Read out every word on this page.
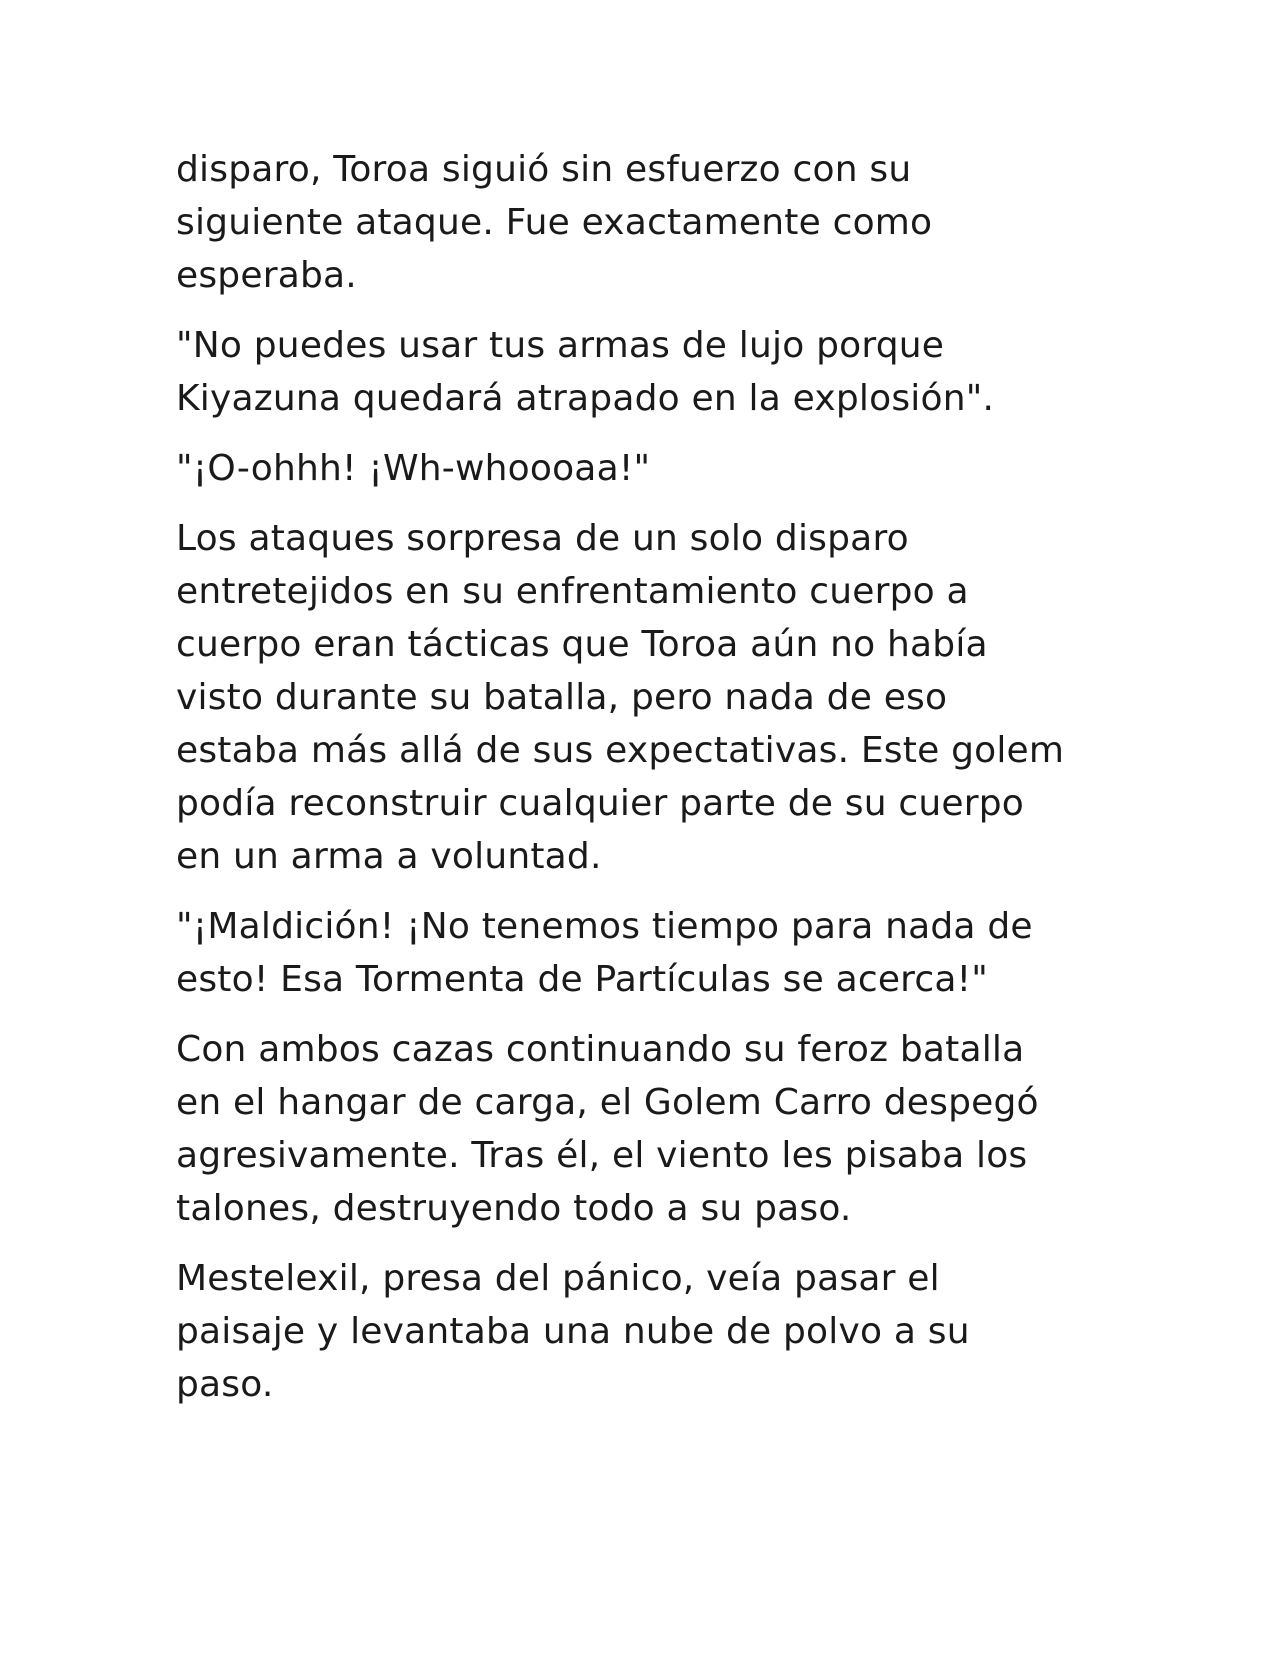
disparo, Toroa siguió sin esfuerzo con su
siguiente ataque. Fue exactamente como
esperaba.

"No puedes usar tus armas de lujo porque
Kiyazuna quedará atrapado en la explosión".

"¡O-ohhh! ¡Wh-whoooaa!"

Los ataques sorpresa de un solo disparo
entretejidos en su enfrentamiento cuerpo a
cuerpo eran tácticas que Toroa aún no había
visto durante su batalla, pero nada de eso
estaba más allá de sus expectativas. Este golem
podía reconstruir cualquier parte de su cuerpo
en un arma a voluntad.

"¡Maldición! ¡No tenemos tiempo para nada de
esto! Esa Tormenta de Partículas se acerca!"

Con ambos cazas continuando su feroz batalla
en el hangar de carga, el Golem Carro despegó
agresivamente. Tras él, el viento les pisaba los
talones, destruyendo todo a su paso.

Mestelexil, presa del pánico, veía pasar el
paisaje y levantaba una nube de polvo a su
paso.
